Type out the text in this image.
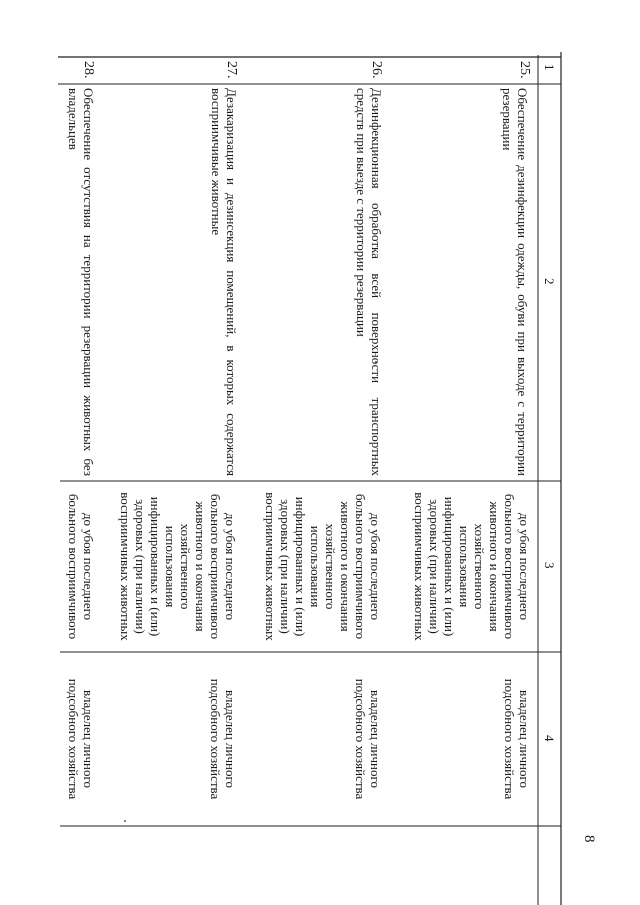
8
1
2
3
4
25.
Обеспечение дезинфекции одежды, обуви при выходе с территории резервации
до убоя последнего
больного восприимчивого
животного и окончания
хозяйственного
использования
инфицированных и (или)
здоровых (при наличии)
восприимчивых животных
владелец личного
подсобного хозяйства
26.
Дезинфекционная обработка всей поверхности транспортных средств при выезде с территории резервации
до убоя последнего
больного восприимчивого
животного и окончания
хозяйственного
использования
инфицированных и (или)
здоровых (при наличии)
восприимчивых животных
владелец личного
подсобного хозяйства
27.
Дезакаризация и дезинсекция помещений, в которых содержатся восприимчивые животные
до убоя последнего
больного восприимчивого
животного и окончания
хозяйственного
использования
инфицированных и (или)
здоровых (при наличии)
восприимчивых животных
владелец личного
подсобного хозяйства
28.
Обеспечение отсутствия на территории резервации животных без владельцев
до убоя последнего
больного восприимчивого
владелец личного
подсобного хозяйства
